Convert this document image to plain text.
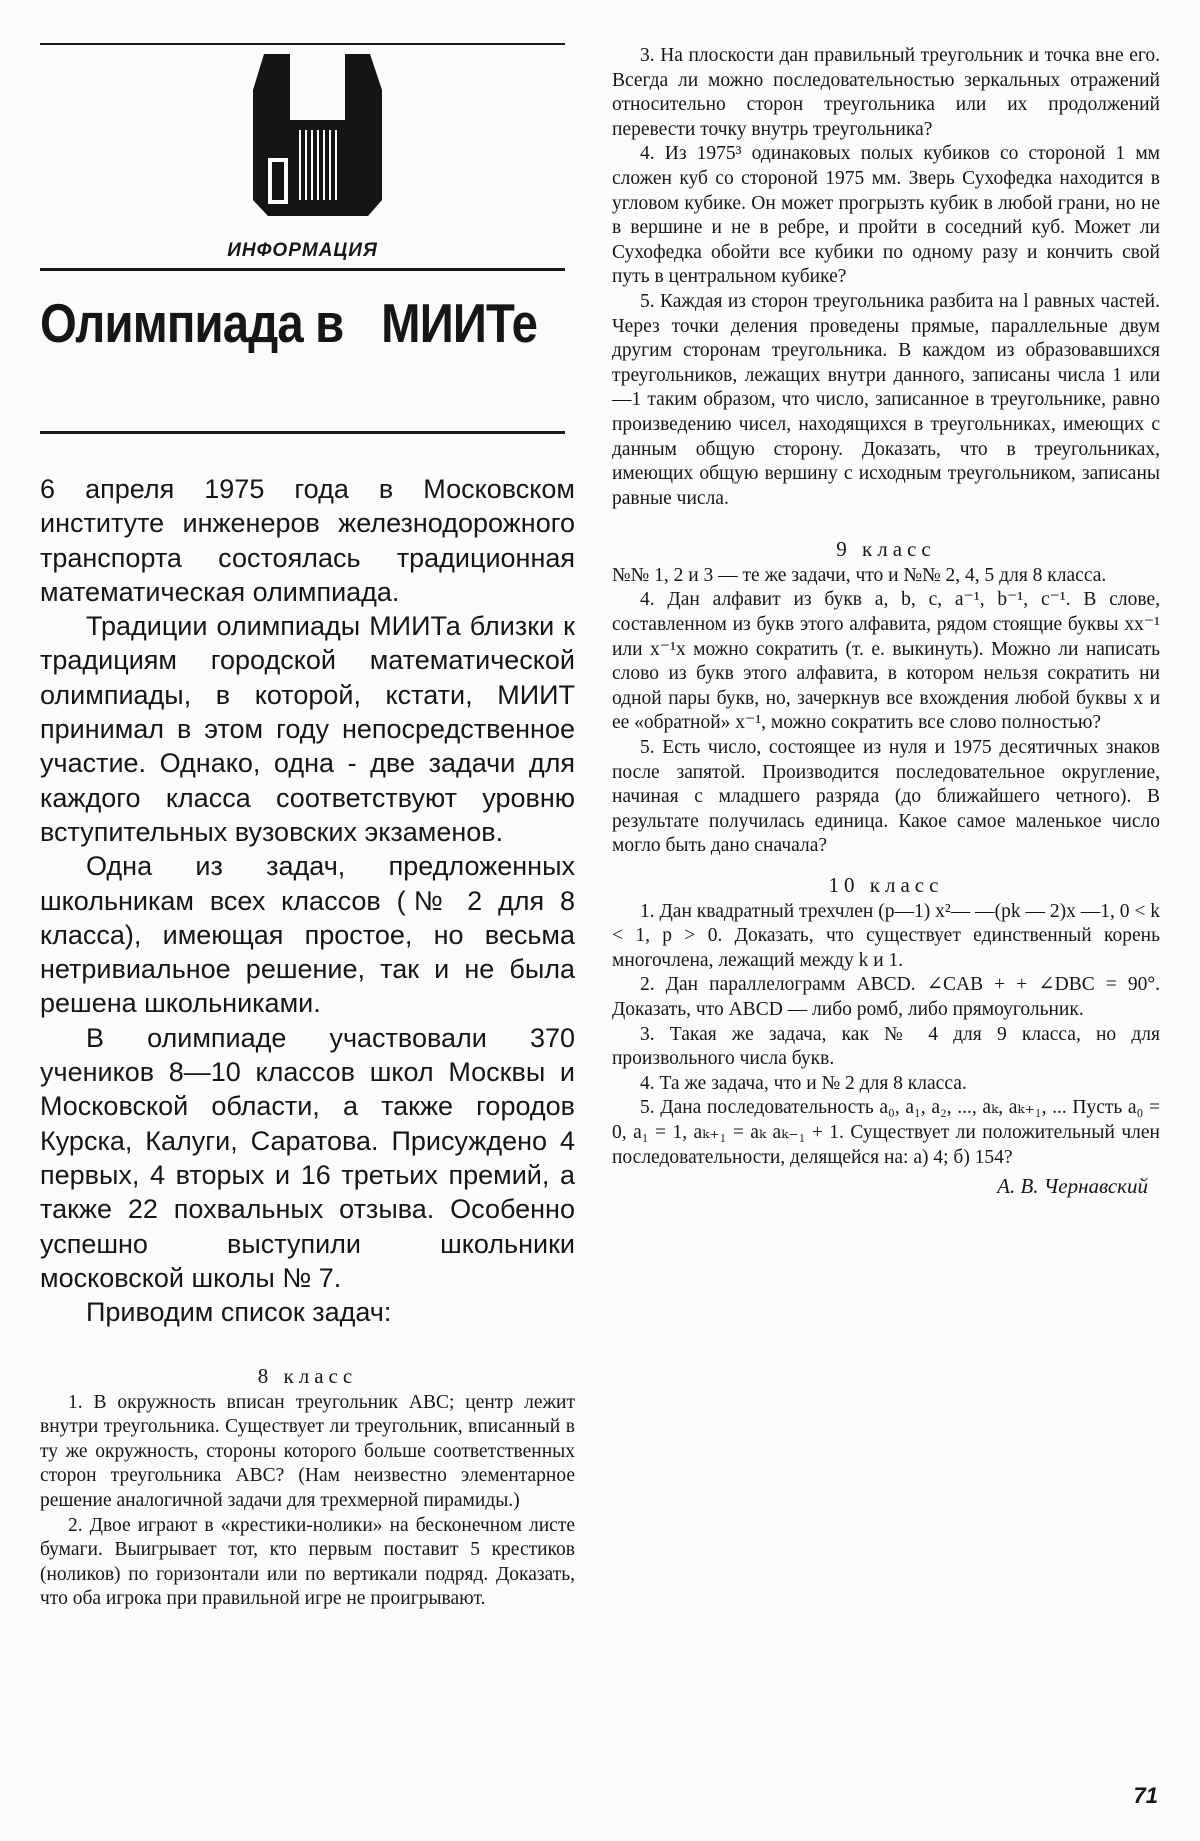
ИНФОРМАЦИЯ
Олимпиада в МИИТе

6 апреля 1975 года в Московском институте инженеров железнодорожного транспорта состоялась традиционная математическая олимпиада.

Традиции олимпиады МИИТа близки к традициям городской математической олимпиады, в которой, кстати, МИИТ принимал в этом году непосредственное участие. Однако, одна - две задачи для каждого класса соответствуют уровню вступительных вузовских экзаменов.

Одна из задач, предложенных школьникам всех классов (№ 2 для 8 класса), имеющая простое, но весьма нетривиальное решение, так и не была решена школьниками.

В олимпиаде участвовали 370 учеников 8—10 классов школ Москвы и Московской области, а также городов Курска, Калуги, Саратова. Присуждено 4 первых, 4 вторых и 16 третьих премий, а также 22 похвальных отзыва. Особенно успешно выступили школьники московской школы № 7.

Приводим список задач:

8 класс

1. В окружность вписан треугольник ABC; центр лежит внутри треугольника. Существует ли треугольник, вписанный в ту же окружность, стороны которого больше соответственных сторон треугольника ABC? (Нам неизвестно элементарное решение аналогичной задачи для трехмерной пирамиды.)

2. Двое играют в «крестики-нолики» на бесконечном листе бумаги. Выигрывает тот, кто первым поставит 5 крестиков (ноликов) по горизонтали или по вертикали подряд. Доказать, что оба игрока при правильной игре не проигрывают.

3. На плоскости дан правильный треугольник и точка вне его. Всегда ли можно последовательностью зеркальных отражений относительно сторон треугольника или их продолжений перевести точку внутрь треугольника?

4. Из 1975³ одинаковых полых кубиков со стороной 1 мм сложен куб со стороной 1975 мм. Зверь Сухофедка находится в угловом кубике. Он может прогрызть кубик в любой грани, но не в вершине и не в ребре, и пройти в соседний куб. Может ли Сухофедка обойти все кубики по одному разу и кончить свой путь в центральном кубике?

5. Каждая из сторон треугольника разбита на l равных частей. Через точки деления проведены прямые, параллельные двум другим сторонам треугольника. В каждом из образовавшихся треугольников, лежащих внутри данного, записаны числа 1 или —1 таким образом, что число, записанное в треугольнике, равно произведению чисел, находящихся в треугольниках, имеющих с данным общую сторону. Доказать, что в треугольниках, имеющих общую вершину с исходным треугольником, записаны равные числа.

9 класс

№№ 1, 2 и 3 — те же задачи, что и №№ 2, 4, 5 для 8 класса.

4. Дан алфавит из букв a, b, c, a⁻¹, b⁻¹, c⁻¹. В слове, составленном из букв этого алфавита, рядом стоящие буквы xx⁻¹ или x⁻¹x можно сократить (т. е. выкинуть). Можно ли написать слово из букв этого алфавита, в котором нельзя сократить ни одной пары букв, но, зачеркнув все вхождения любой буквы x и ее «обратной» x⁻¹, можно сократить все слово полностью?

5. Есть число, состоящее из нуля и 1975 десятичных знаков после запятой. Производится последовательное округление, начиная с младшего разряда (до ближайшего четного). В результате получилась единица. Какое самое маленькое число могло быть дано сначала?

10 класс

1. Дан квадратный трехчлен (p—1) x²— —(pk — 2)x —1, 0 < k < 1, p > 0. Доказать, что существует единственный корень многочлена, лежащий между k и 1.

2. Дан параллелограмм ABCD. ∠CAB + + ∠DBC = 90°. Доказать, что ABCD — либо ромб, либо прямоугольник.

3. Такая же задача, как № 4 для 9 класса, но для произвольного числа букв.

4. Та же задача, что и № 2 для 8 класса.

5. Дана последовательность a₀, a₁, a₂, ..., aₖ, aₖ₊₁, ... Пусть a₀ = 0, a₁ = 1, aₖ₊₁ = aₖ aₖ₋₁ + 1. Существует ли положительный член последовательности, делящейся на: а) 4; б) 154?

А. В. Чернавский
71
